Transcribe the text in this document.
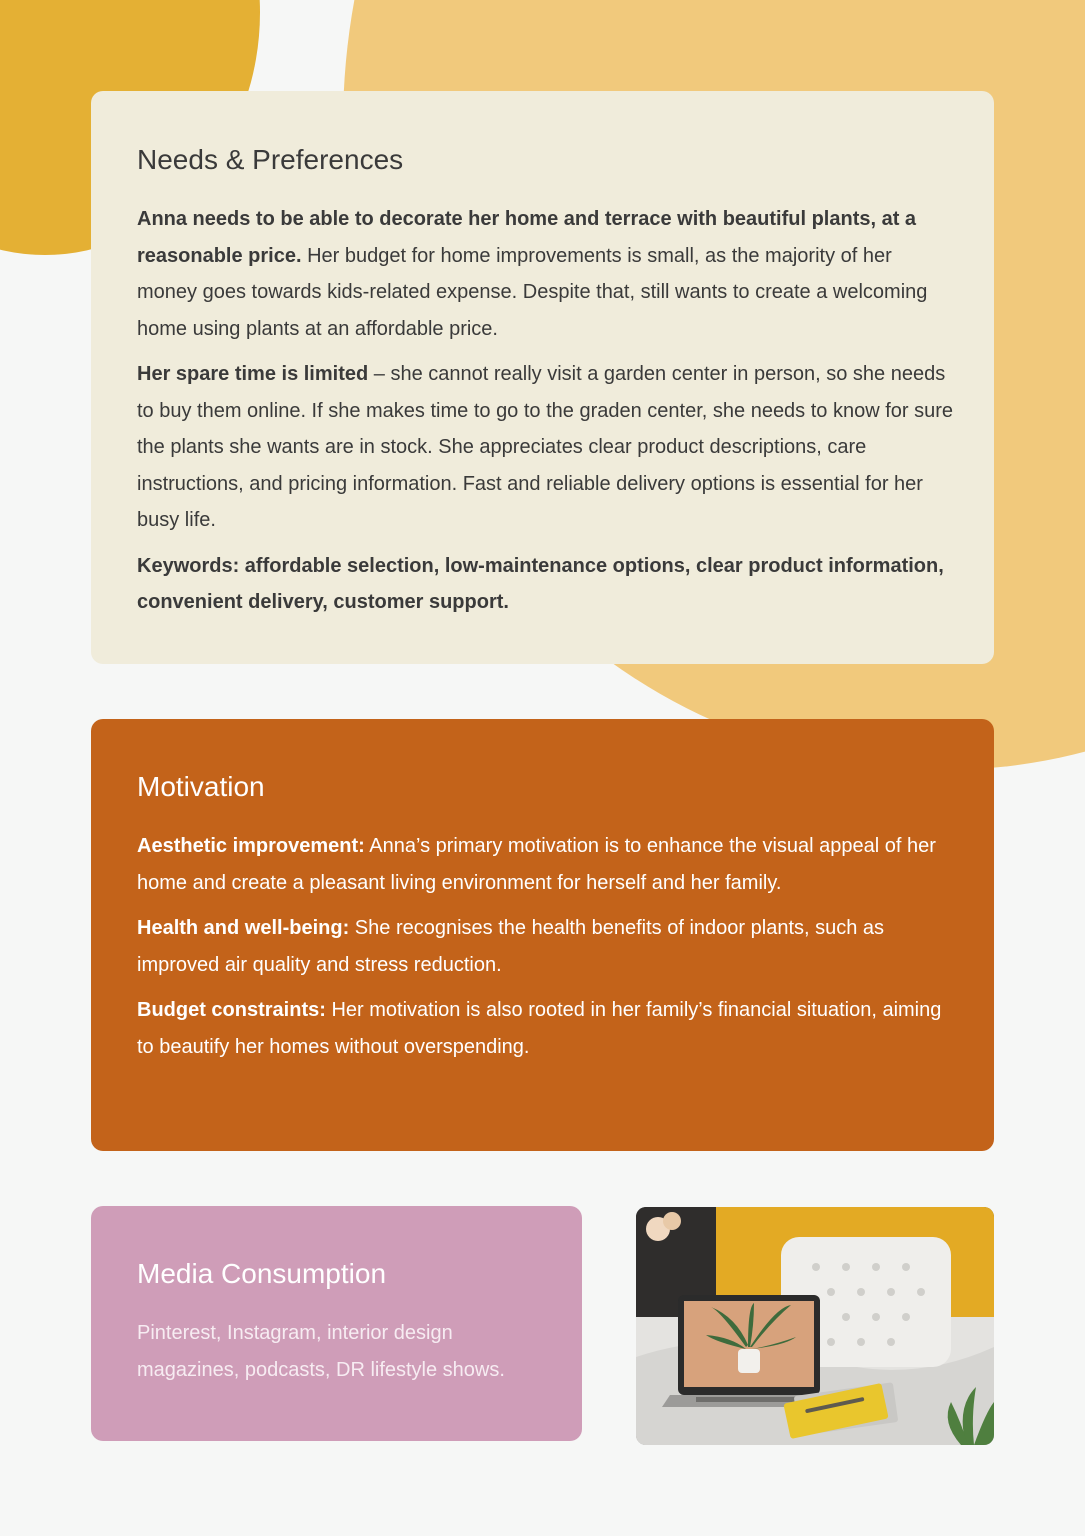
Needs & Preferences

Anna needs to be able to decorate her home and terrace with beautiful plants, at a reasonable price. Her budget for home improvements is small, as the majority of her money goes towards kids-related expense. Despite that, still wants to create a welcoming home using plants at an affordable price.

Her spare time is limited – she cannot really visit a garden center in person, so she needs to buy them online. If she makes time to go to the graden center, she needs to know for sure the plants she wants are in stock. She appreciates clear product descriptions, care instructions, and pricing information. Fast and reliable delivery options is essential for her busy life.

Keywords: affordable selection, low-maintenance options, clear product information, convenient delivery, customer support.

Motivation

Aesthetic improvement: Anna’s primary motivation is to enhance the visual appeal of her home and create a pleasant living environment for herself and her family.

Health and well-being: She recognises the health benefits of indoor plants, such as improved air quality and stress reduction.

Budget constraints: Her motivation is also rooted in her family’s financial situation, aiming to beautify her homes without overspending.

Media Consumption

Pinterest, Instagram, interior design magazines, podcasts, DR lifestyle shows.
